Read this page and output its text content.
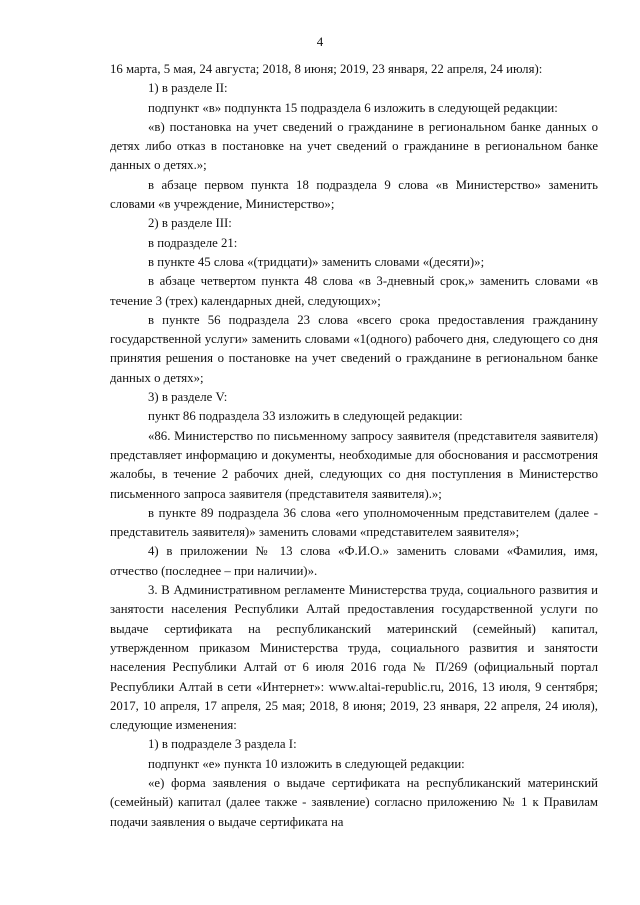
4

16 марта, 5 мая, 24 августа; 2018, 8 июня; 2019, 23 января, 22 апреля, 24 июля):

1) в разделе II:

подпункт «в» подпункта 15 подраздела 6 изложить в следующей редакции:

«в) постановка на учет сведений о гражданине в региональном банке данных о детях либо отказ в постановке на учет сведений о гражданине в региональном банке данных о детях.»;

в абзаце первом пункта 18 подраздела 9 слова «в Министерство» заменить словами «в учреждение, Министерство»;

2) в разделе III:

в подразделе 21:

в пункте 45 слова «(тридцати)» заменить словами «(десяти)»;

в абзаце четвертом пункта 48 слова «в 3-дневный срок,» заменить словами «в течение 3 (трех) календарных дней, следующих»;

в пункте 56 подраздела 23 слова «всего срока предоставления гражданину государственной услуги» заменить словами «1(одного) рабочего дня, следующего со дня принятия решения о постановке на учет сведений о гражданине в региональном банке данных о детях»;

3) в разделе V:

пункт 86 подраздела 33 изложить в следующей редакции:

«86. Министерство по письменному запросу заявителя (представителя заявителя) представляет информацию и документы, необходимые для обоснования и рассмотрения жалобы, в течение 2 рабочих дней, следующих со дня поступления в Министерство письменного запроса заявителя (представителя заявителя).»;

в пункте 89 подраздела 36 слова «его уполномоченным представителем (далее - представитель заявителя)» заменить словами «представителем заявителя»;

4) в приложении № 13 слова «Ф.И.О.» заменить словами «Фамилия, имя, отчество (последнее – при наличии)».

3. В Административном регламенте Министерства труда, социального развития и занятости населения Республики Алтай предоставления государственной услуги по выдаче сертификата на республиканский материнский (семейный) капитал, утвержденном приказом Министерства труда, социального развития и занятости населения Республики Алтай от 6 июля 2016 года № П/269 (официальный портал Республики Алтай в сети «Интернет»: www.altai-republic.ru, 2016, 13 июля, 9 сентября; 2017, 10 апреля, 17 апреля, 25 мая; 2018, 8 июня; 2019, 23 января, 22 апреля, 24 июля), следующие изменения:

1) в подразделе 3 раздела I:

подпункт «е» пункта 10 изложить в следующей редакции:

«е) форма заявления о выдаче сертификата на республиканский материнский (семейный) капитал (далее также - заявление) согласно приложению № 1 к Правилам подачи заявления о выдаче сертификата на
